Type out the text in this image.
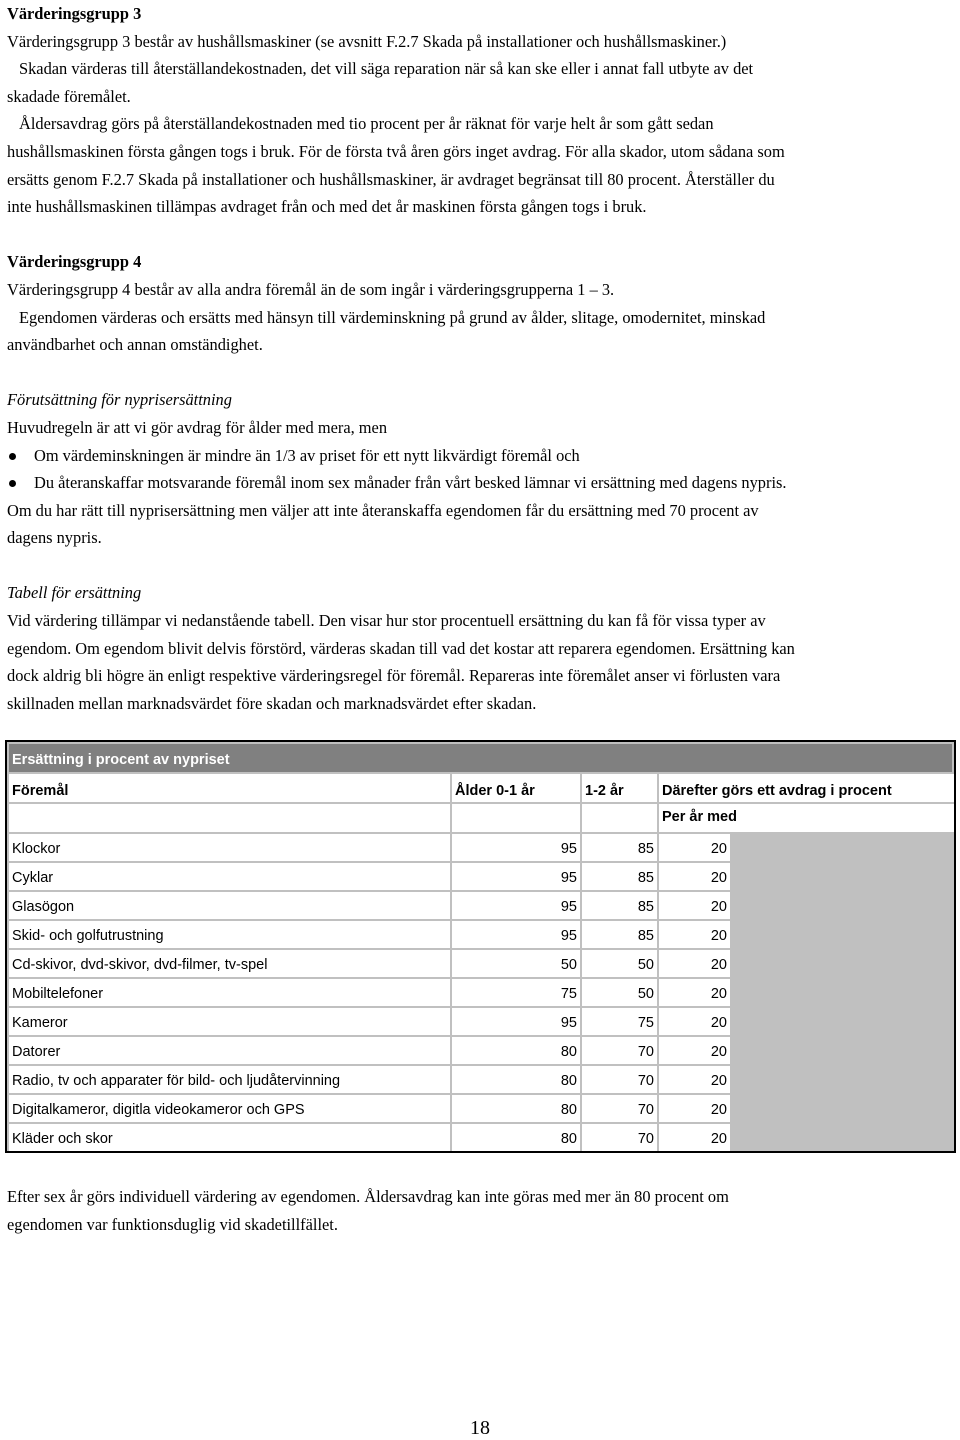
Värderingsgrupp 3

Värderingsgrupp 3 består av hushållsmaskiner (se avsnitt F.2.7 Skada på installationer och hushållsmaskiner.)

Skadan värderas till återställandekostnaden, det vill säga reparation när så kan ske eller i annat fall utbyte av det

skadade föremålet.

Åldersavdrag görs på återställandekostnaden med tio procent per år räknat för varje helt år som gått sedan

hushållsmaskinen första gången togs i bruk. För de första två åren görs inget avdrag. För alla skador, utom sådana som

ersätts genom F.2.7 Skada på installationer och hushållsmaskiner, är avdraget begränsat till 80 procent. Återställer du

inte hushållsmaskinen tillämpas avdraget från och med det år maskinen första gången togs i bruk.

Värderingsgrupp 4

Värderingsgrupp 4 består av alla andra föremål än de som ingår i värderingsgrupperna 1 – 3.

Egendomen värderas och ersätts med hänsyn till värdeminskning på grund av ålder, slitage, omodernitet, minskad

användbarhet och annan omständighet.

Förutsättning för nyprisersättning

Huvudregeln är att vi gör avdrag för ålder med mera, men

Om värdeminskningen är mindre än 1/3 av priset för ett nytt likvärdigt föremål och
Du återanskaffar motsvarande föremål inom sex månader från vårt besked lämnar vi ersättning med dagens nypris.

Om du har rätt till nyprisersättning men väljer att inte återanskaffa egendomen får du ersättning med 70 procent av

dagens nypris.

Tabell för ersättning

Vid värdering tillämpar vi nedanstående tabell. Den visar hur stor procentuell ersättning du kan få för vissa typer av

egendom. Om egendom blivit delvis förstörd, värderas skadan till vad det kostar att reparera egendomen. Ersättning kan

dock aldrig bli högre än enligt respektive värderingsregel för föremål. Repareras inte föremålet anser vi förlusten vara

skillnaden mellan marknadsvärdet före skadan och marknadsvärdet efter skadan.

Ersättning i procent av nypriset
Föremål	Ålder 0-1 år	1-2 år	Därefter görs ett avdrag i procent
Per år med
Klockor	95	85	20
Cyklar	95	85	20
Glasögon	95	85	20
Skid- och golfutrustning	95	85	20
Cd-skivor, dvd-skivor, dvd-filmer, tv-spel	50	50	20
Mobiltelefoner	75	50	20
Kameror	95	75	20
Datorer	80	70	20
Radio, tv och apparater för bild- och ljudåtervinning	80	70	20
Digitalkameror, digitla videokameror och GPS	80	70	20
Kläder och skor	80	70	20

Efter sex år görs individuell värdering av egendomen. Åldersavdrag kan inte göras med mer än 80 procent om

egendomen var funktionsduglig vid skadetillfället.

18
